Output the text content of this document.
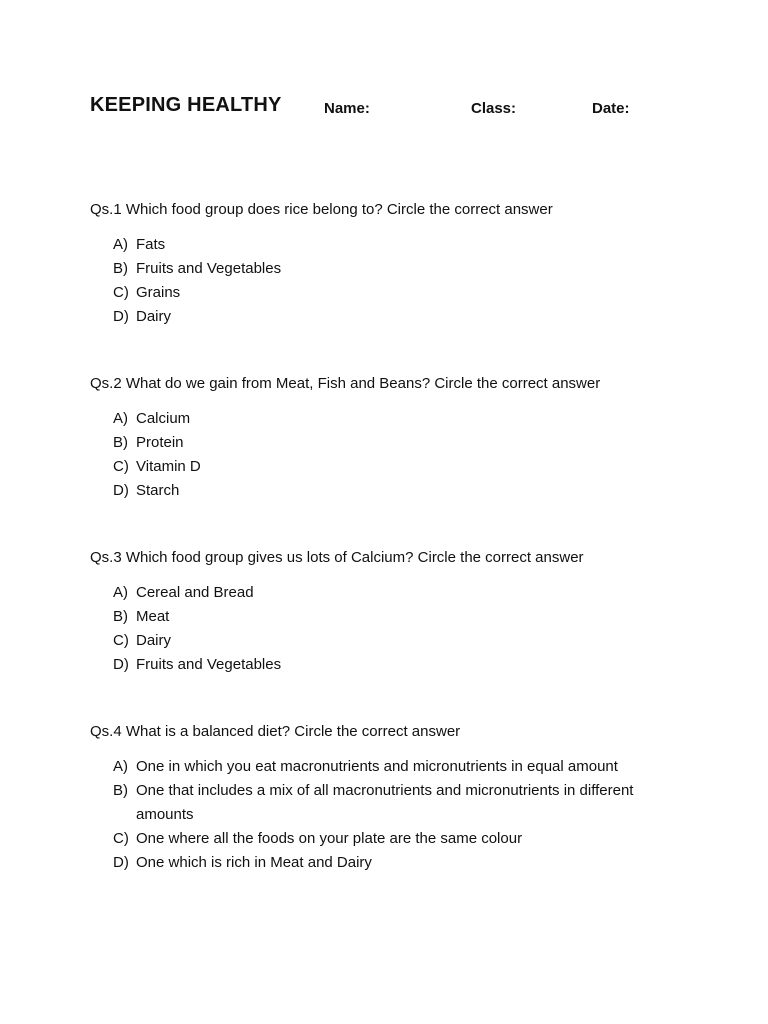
KEEPING HEALTHY	Name:	Class:	Date:

Qs.1 Which food group does rice belong to? Circle the correct answer

A) Fats
B) Fruits and Vegetables
C) Grains
D) Dairy

Qs.2 What do we gain from Meat, Fish and Beans? Circle the correct answer

A) Calcium
B) Protein
C) Vitamin D
D) Starch

Qs.3 Which food group gives us lots of Calcium? Circle the correct answer

A) Cereal and Bread
B) Meat
C) Dairy
D) Fruits and Vegetables

Qs.4 What is a balanced diet? Circle the correct answer

A) One in which you eat macronutrients and micronutrients in equal amount
B) One that includes a mix of all macronutrients and micronutrients in different amounts
C) One where all the foods on your plate are the same colour
D) One which is rich in Meat and Dairy
